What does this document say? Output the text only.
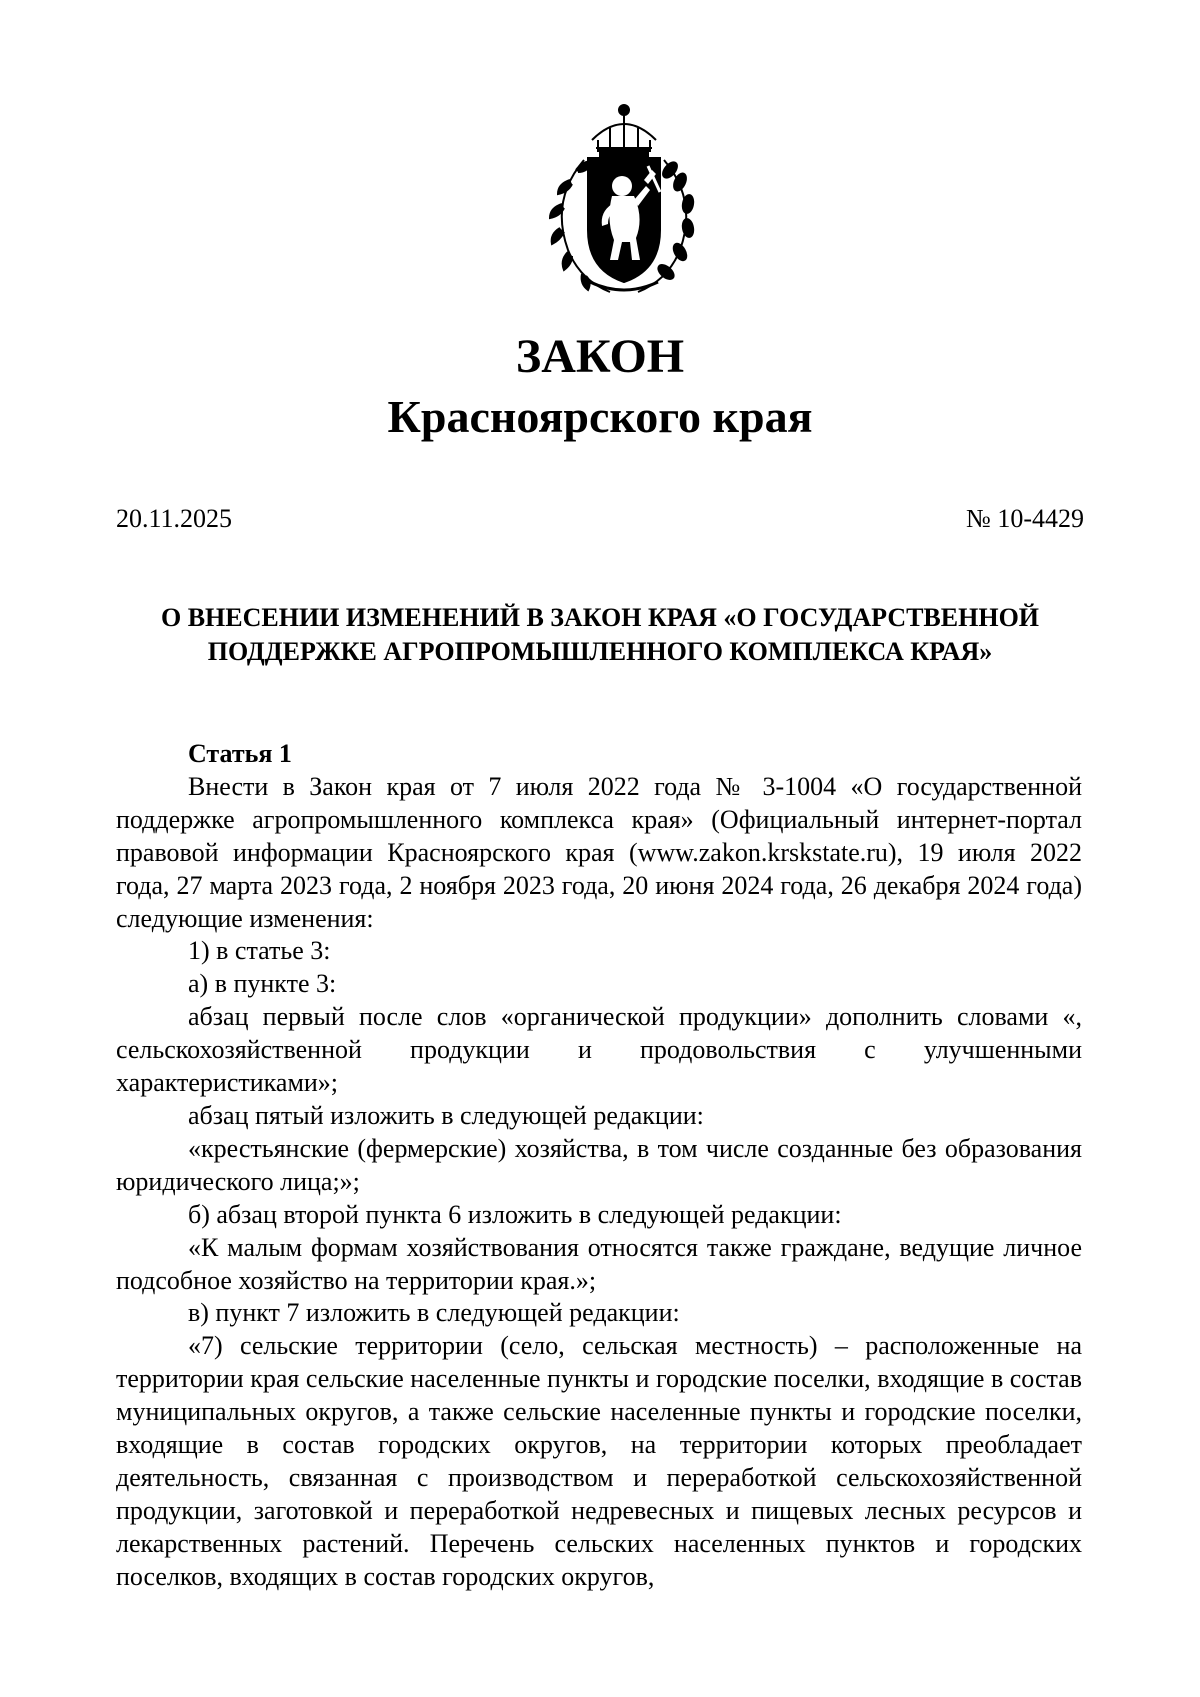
ЗАКОН
Красноярского края
20.11.2025	№ 10-4429
О ВНЕСЕНИИ ИЗМЕНЕНИЙ В ЗАКОН КРАЯ «О ГОСУДАРСТВЕННОЙ
ПОДДЕРЖКЕ АГРОПРОМЫШЛЕННОГО КОМПЛЕКСА КРАЯ»

Статья 1

Внести в Закон края от 7 июля 2022 года № 3-1004 «О государственной поддержке агропромышленного комплекса края» (Официальный интернет-портал правовой информации Красноярского края (www.zakon.krskstate.ru), 19 июля 2022 года, 27 марта 2023 года, 2 ноября 2023 года, 20 июня 2024 года, 26 декабря 2024 года) следующие изменения:

1) в статье 3:

а) в пункте 3:

абзац первый после слов «органической продукции» дополнить словами «, сельскохозяйственной продукции и продовольствия с улучшенными характеристиками»;

абзац пятый изложить в следующей редакции:

«крестьянские (фермерские) хозяйства, в том числе созданные без образования юридического лица;»;

б) абзац второй пункта 6 изложить в следующей редакции:

«К малым формам хозяйствования относятся также граждане, ведущие личное подсобное хозяйство на территории края.»;

в) пункт 7 изложить в следующей редакции:

«7) сельские территории (село, сельская местность) – расположенные на территории края сельские населенные пункты и городские поселки, входящие в состав муниципальных округов, а также сельские населенные пункты и городские поселки, входящие в состав городских округов, на территории которых преобладает деятельность, связанная с производством и переработкой сельскохозяйственной продукции, заготовкой и переработкой недревесных и пищевых лесных ресурсов и лекарственных растений. Перечень сельских населенных пунктов и городских поселков, входящих в состав городских округов,
